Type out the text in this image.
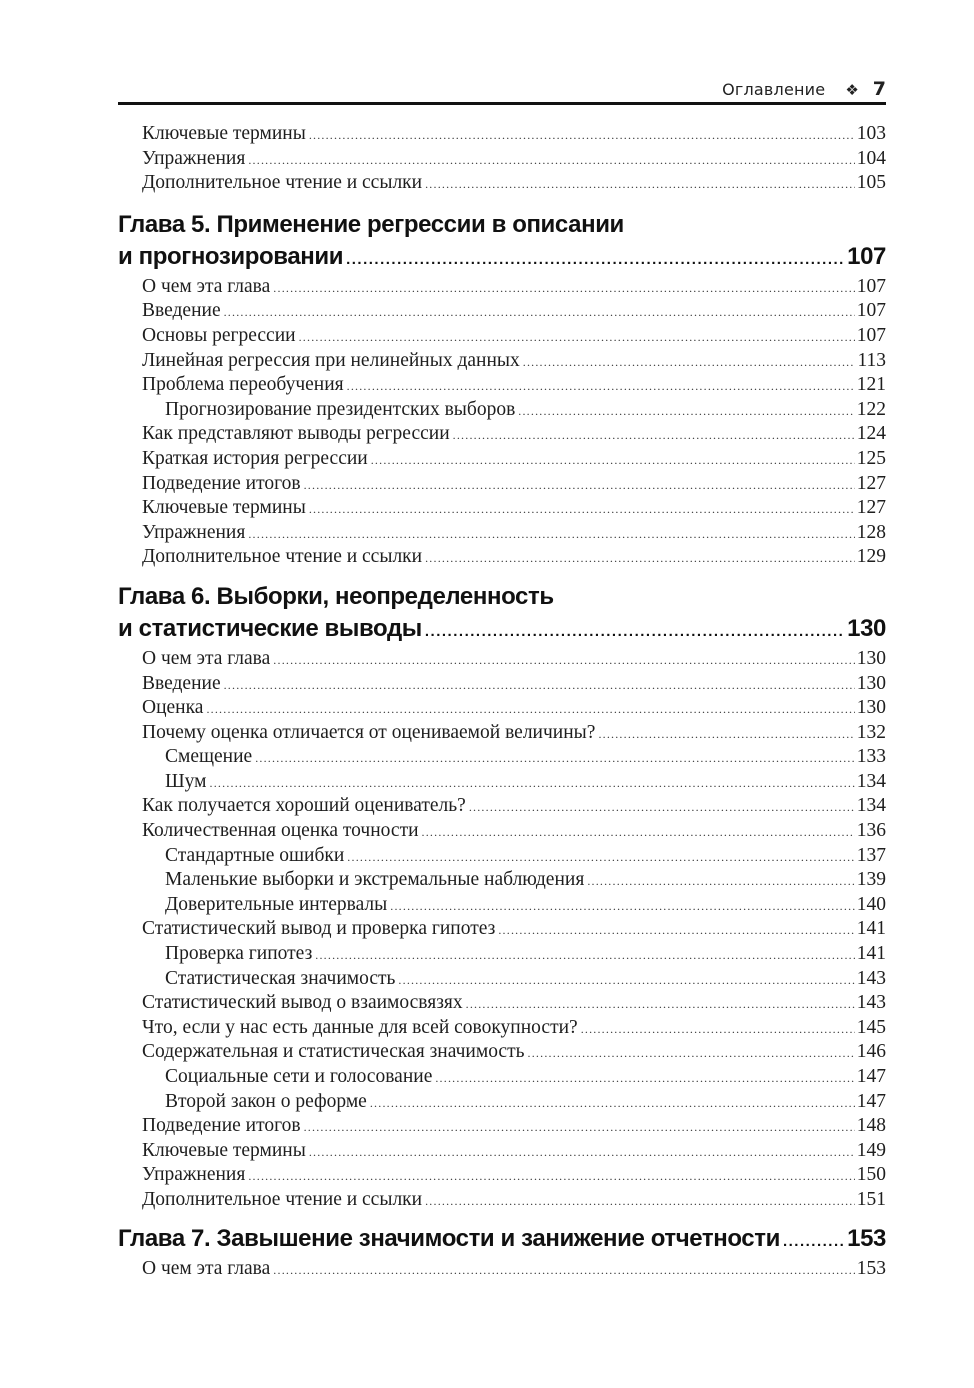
Оглавление ❖ 7
Ключевые термины .....	103
Упражнения .....	104
Дополнительное чтение и ссылки .....	105
Глава 5. Применение регрессии в описании
и прогнозировании .....	107
О чем эта глава .....	107
Введение .....	107
Основы регрессии .....	107
Линейная регрессия при нелинейных данных .....	113
Проблема переобучения .....	121
Прогнозирование президентских выборов .....	122
Как представляют выводы регрессии .....	124
Краткая история регрессии .....	125
Подведение итогов .....	127
Ключевые термины .....	127
Упражнения .....	128
Дополнительное чтение и ссылки .....	129
Глава 6. Выборки, неопределенность
и статистические выводы .....	130
О чем эта глава .....	130
Введение .....	130
Оценка .....	130
Почему оценка отличается от оцениваемой величины? .....	132
Смещение .....	133
Шум .....	134
Как получается хороший оцениватель? .....	134
Количественная оценка точности .....	136
Стандартные ошибки .....	137
Маленькие выборки и экстремальные наблюдения .....	139
Доверительные интервалы .....	140
Статистический вывод и проверка гипотез .....	141
Проверка гипотез .....	141
Статистическая значимость .....	143
Статистический вывод о взаимосвязях .....	143
Что, если у нас есть данные для всей совокупности? .....	145
Содержательная и статистическая значимость .....	146
Социальные сети и голосование .....	147
Второй закон о реформе .....	147
Подведение итогов .....	148
Ключевые термины .....	149
Упражнения .....	150
Дополнительное чтение и ссылки .....	151
Глава 7. Завышение значимости и занижение отчетности .....	153
О чем эта глава .....	153
